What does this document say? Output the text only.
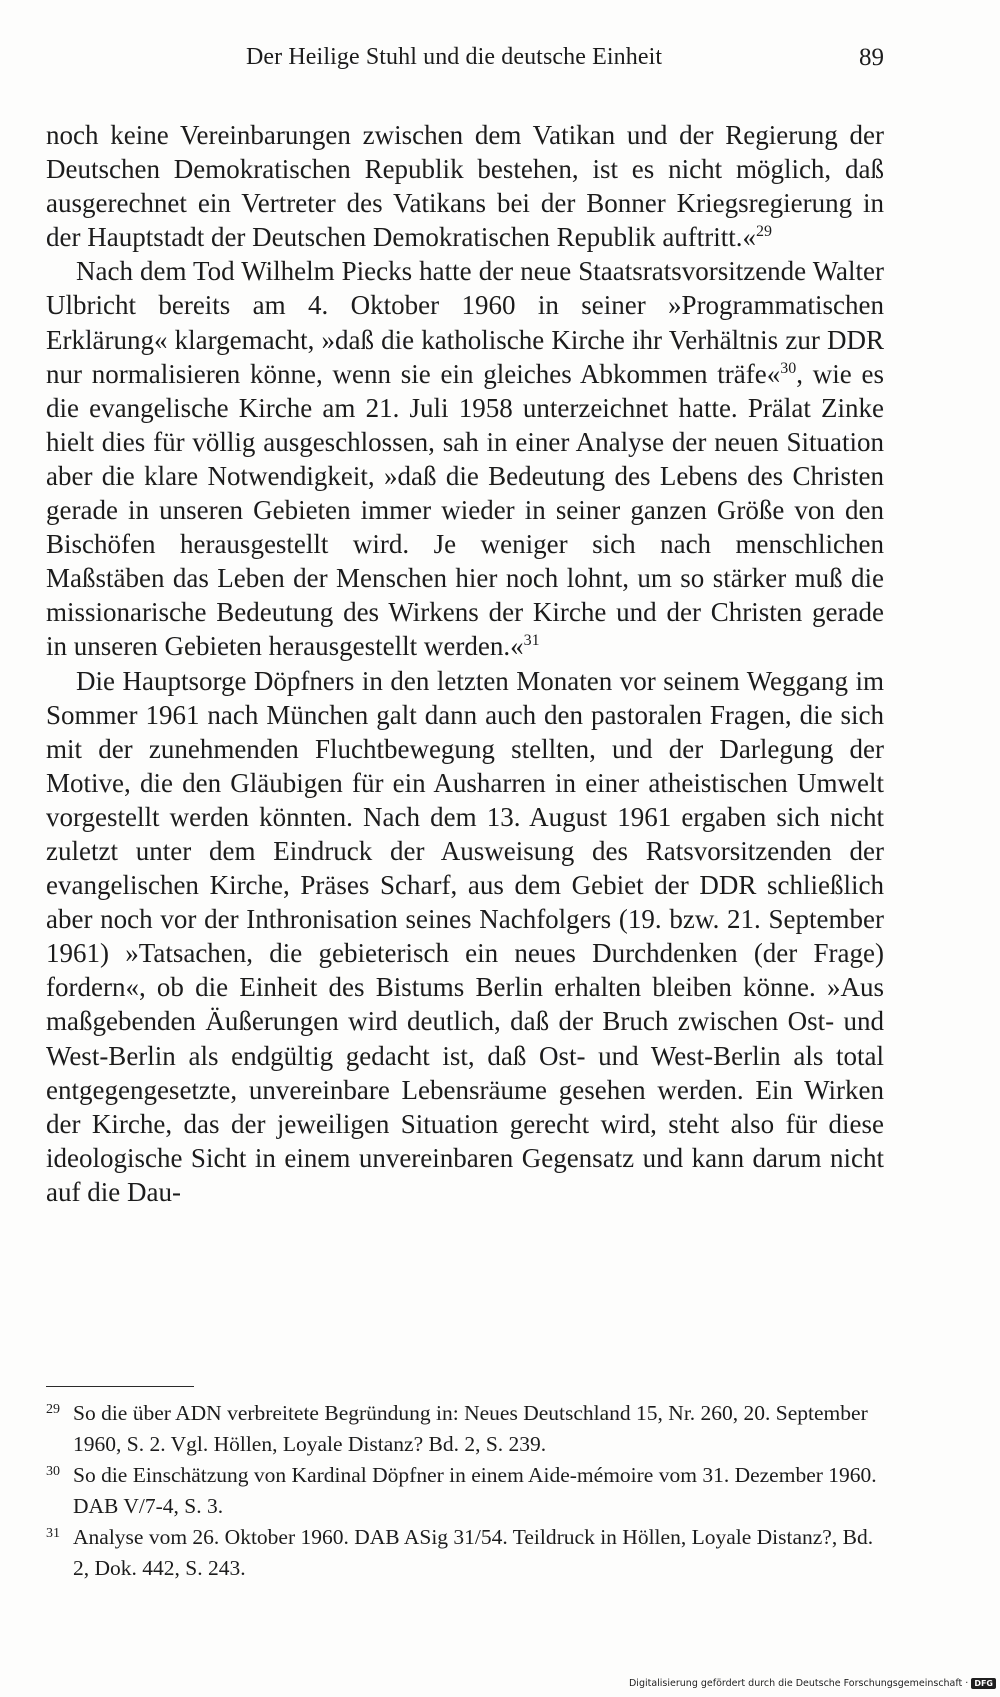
Der Heilige Stuhl und die deutsche Einheit	89

noch keine Vereinbarungen zwischen dem Vatikan und der Regierung der Deutschen Demokratischen Republik bestehen, ist es nicht möglich, daß ausgerechnet ein Vertreter des Vatikans bei der Bonner Kriegsregierung in der Hauptstadt der Deutschen Demokratischen Republik auftritt.«$^{29}$

Nach dem Tod Wilhelm Piecks hatte der neue Staatsratsvorsitzende Walter Ulbricht bereits am 4. Oktober 1960 in seiner »Programmatischen Erklärung« klargemacht, »daß die katholische Kirche ihr Verhältnis zur DDR nur normalisieren könne, wenn sie ein gleiches Abkommen träfe«$^{30}$, wie es die evangelische Kirche am 21. Juli 1958 unterzeichnet hatte. Prälat Zinke hielt dies für völlig ausgeschlossen, sah in einer Analyse der neuen Situation aber die klare Notwendigkeit, »daß die Bedeutung des Lebens des Christen gerade in unseren Gebieten immer wieder in seiner ganzen Größe von den Bischöfen herausgestellt wird. Je weniger sich nach menschlichen Maßstäben das Leben der Menschen hier noch lohnt, um so stärker muß die missionarische Bedeutung des Wirkens der Kirche und der Christen gerade in unseren Gebieten herausgestellt werden.«$^{31}$

Die Hauptsorge Döpfners in den letzten Monaten vor seinem Weggang im Sommer 1961 nach München galt dann auch den pastoralen Fragen, die sich mit der zunehmenden Fluchtbewegung stellten, und der Darlegung der Motive, die den Gläubigen für ein Ausharren in einer atheistischen Umwelt vorgestellt werden könnten. Nach dem 13. August 1961 ergaben sich nicht zuletzt unter dem Eindruck der Ausweisung des Ratsvorsitzenden der evangelischen Kirche, Präses Scharf, aus dem Gebiet der DDR schließlich aber noch vor der Inthronisation seines Nachfolgers (19. bzw. 21. September 1961) »Tatsachen, die gebieterisch ein neues Durchdenken (der Frage) fordern«, ob die Einheit des Bistums Berlin erhalten bleiben könne. »Aus maßgebenden Äußerungen wird deutlich, daß der Bruch zwischen Ost- und West-Berlin als endgültig gedacht ist, daß Ost- und West-Berlin als total entgegengesetzte, unvereinbare Lebensräume gesehen werden. Ein Wirken der Kirche, das der jeweiligen Situation gerecht wird, steht also für diese ideologische Sicht in einem unvereinbaren Gegensatz und kann darum nicht auf die Dau-

29 So die über ADN verbreitete Begründung in: Neues Deutschland 15, Nr. 260, 20. September 1960, S. 2. Vgl. Höllen, Loyale Distanz? Bd. 2, S. 239.
30 So die Einschätzung von Kardinal Döpfner in einem Aide-mémoire vom 31. Dezember 1960. DAB V/7-4, S. 3.
31 Analyse vom 26. Oktober 1960. DAB ASig 31/54. Teildruck in Höllen, Loyale Distanz?, Bd. 2, Dok. 442, S. 243.
Digitalisierung gefördert durch die Deutsche Forschungsgemeinschaft · DFG
